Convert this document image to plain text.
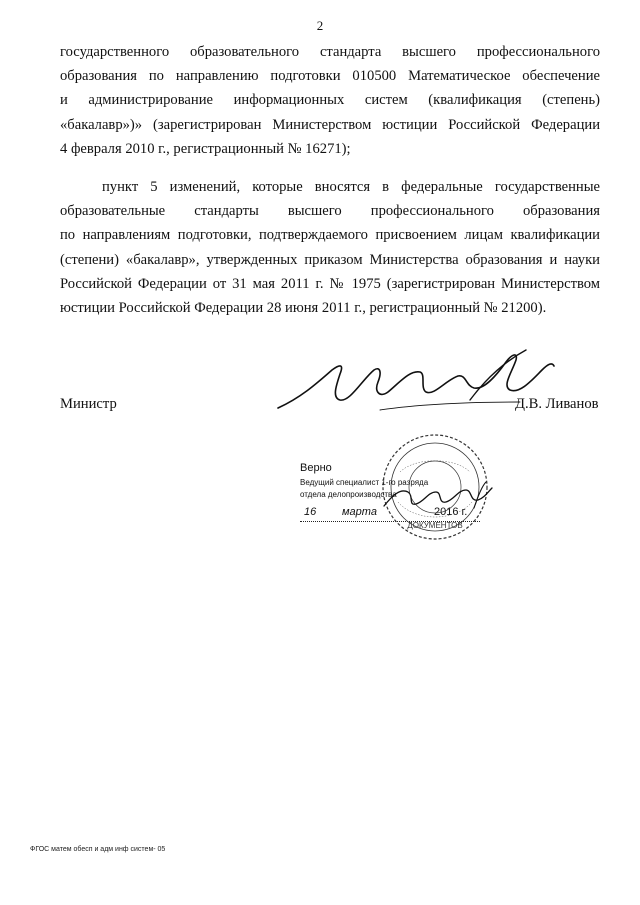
2
государственного образовательного стандарта высшего профессионального
образования по направлению подготовки 010500 Математическое обеспечение
и администрирование информационных систем (квалификация (степень)
«бакалавр»)» (зарегистрирован Министерством юстиции Российской Федерации
4 февраля 2010 г., регистрационный № 16271);
пункт 5 изменений, которые вносятся в федеральные государственные
образовательные стандарты высшего профессионального образования
по направлениям подготовки, подтверждаемого присвоением лицам квалификации
(степени) «бакалавр», утвержденных приказом Министерства образования и науки
Российской Федерации от 31 мая 2011 г. № 1975 (зарегистрирован Министерством
юстиции Российской Федерации 28 июня 2011 г., регистрационный № 21200).
Министр	Д.В. Ливанов
Верно
Ведущий специалист 1-го разряда
отдела делопроизводства
16 марта	2016 г.
ДОКУМЕНТОВ
ФГОС матем обесп и адм инф систем- 05
